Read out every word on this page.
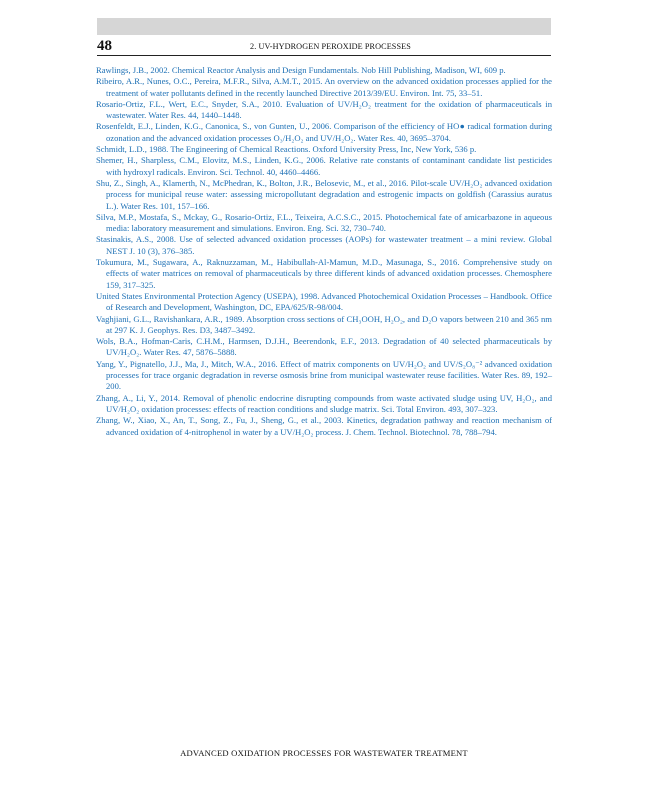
48	2. UV-HYDROGEN PEROXIDE PROCESSES
Rawlings, J.B., 2002. Chemical Reactor Analysis and Design Fundamentals. Nob Hill Publishing, Madison, WI, 609 p.
Ribeiro, A.R., Nunes, O.C., Pereira, M.F.R., Silva, A.M.T., 2015. An overview on the advanced oxidation processes applied for the treatment of water pollutants defined in the recently launched Directive 2013/39/EU. Environ. Int. 75, 33–51.
Rosario-Ortiz, F.L., Wert, E.C., Snyder, S.A., 2010. Evaluation of UV/H₂O₂ treatment for the oxidation of pharmaceuticals in wastewater. Water Res. 44, 1440–1448.
Rosenfeldt, E.J., Linden, K.G., Canonica, S., von Gunten, U., 2006. Comparison of the efficiency of HO● radical formation during ozonation and the advanced oxidation processes O₃/H₂O₂ and UV/H₂O₂. Water Res. 40, 3695–3704.
Schmidt, L.D., 1988. The Engineering of Chemical Reactions. Oxford University Press, Inc, New York, 536 p.
Shemer, H., Sharpless, C.M., Elovitz, M.S., Linden, K.G., 2006. Relative rate constants of contaminant candidate list pesticides with hydroxyl radicals. Environ. Sci. Technol. 40, 4460–4466.
Shu, Z., Singh, A., Klamerth, N., McPhedran, K., Bolton, J.R., Belosevic, M., et al., 2016. Pilot-scale UV/H₂O₂ advanced oxidation process for municipal reuse water: assessing micropollutant degradation and estrogenic impacts on goldfish (Carassius auratus L.). Water Res. 101, 157–166.
Silva, M.P., Mostafa, S., Mckay, G., Rosario-Ortiz, F.L., Teixeira, A.C.S.C., 2015. Photochemical fate of amicarbazone in aqueous media: laboratory measurement and simulations. Environ. Eng. Sci. 32, 730–740.
Stasinakis, A.S., 2008. Use of selected advanced oxidation processes (AOPs) for wastewater treatment – a mini review. Global NEST J. 10 (3), 376–385.
Tokumura, M., Sugawara, A., Raknuzzaman, M., Habibullah-Al-Mamun, M.D., Masunaga, S., 2016. Comprehensive study on effects of water matrices on removal of pharmaceuticals by three different kinds of advanced oxidation processes. Chemosphere 159, 317–325.
United States Environmental Protection Agency (USEPA), 1998. Advanced Photochemical Oxidation Processes – Handbook. Office of Research and Development, Washington, DC, EPA/625/R-98/004.
Vaghjiani, G.L., Ravishankara, A.R., 1989. Absorption cross sections of CH₃OOH, H₂O₂, and D₂O vapors between 210 and 365 nm at 297 K. J. Geophys. Res. D3, 3487–3492.
Wols, B.A., Hofman-Caris, C.H.M., Harmsen, D.J.H., Beerendonk, E.F., 2013. Degradation of 40 selected pharmaceuticals by UV/H₂O₂. Water Res. 47, 5876–5888.
Yang, Y., Pignatello, J.J., Ma, J., Mitch, W.A., 2016. Effect of matrix components on UV/H₂O₂ and UV/S₂O₈⁻² advanced oxidation processes for trace organic degradation in reverse osmosis brine from municipal wastewater reuse facilities. Water Res. 89, 192–200.
Zhang, A., Li, Y., 2014. Removal of phenolic endocrine disrupting compounds from waste activated sludge using UV, H₂O₂, and UV/H₂O₂ oxidation processes: effects of reaction conditions and sludge matrix. Sci. Total Environ. 493, 307–323.
Zhang, W., Xiao, X., An, T., Song, Z., Fu, J., Sheng, G., et al., 2003. Kinetics, degradation pathway and reaction mechanism of advanced oxidation of 4-nitrophenol in water by a UV/H₂O₂ process. J. Chem. Technol. Biotechnol. 78, 788–794.
ADVANCED OXIDATION PROCESSES FOR WASTEWATER TREATMENT
